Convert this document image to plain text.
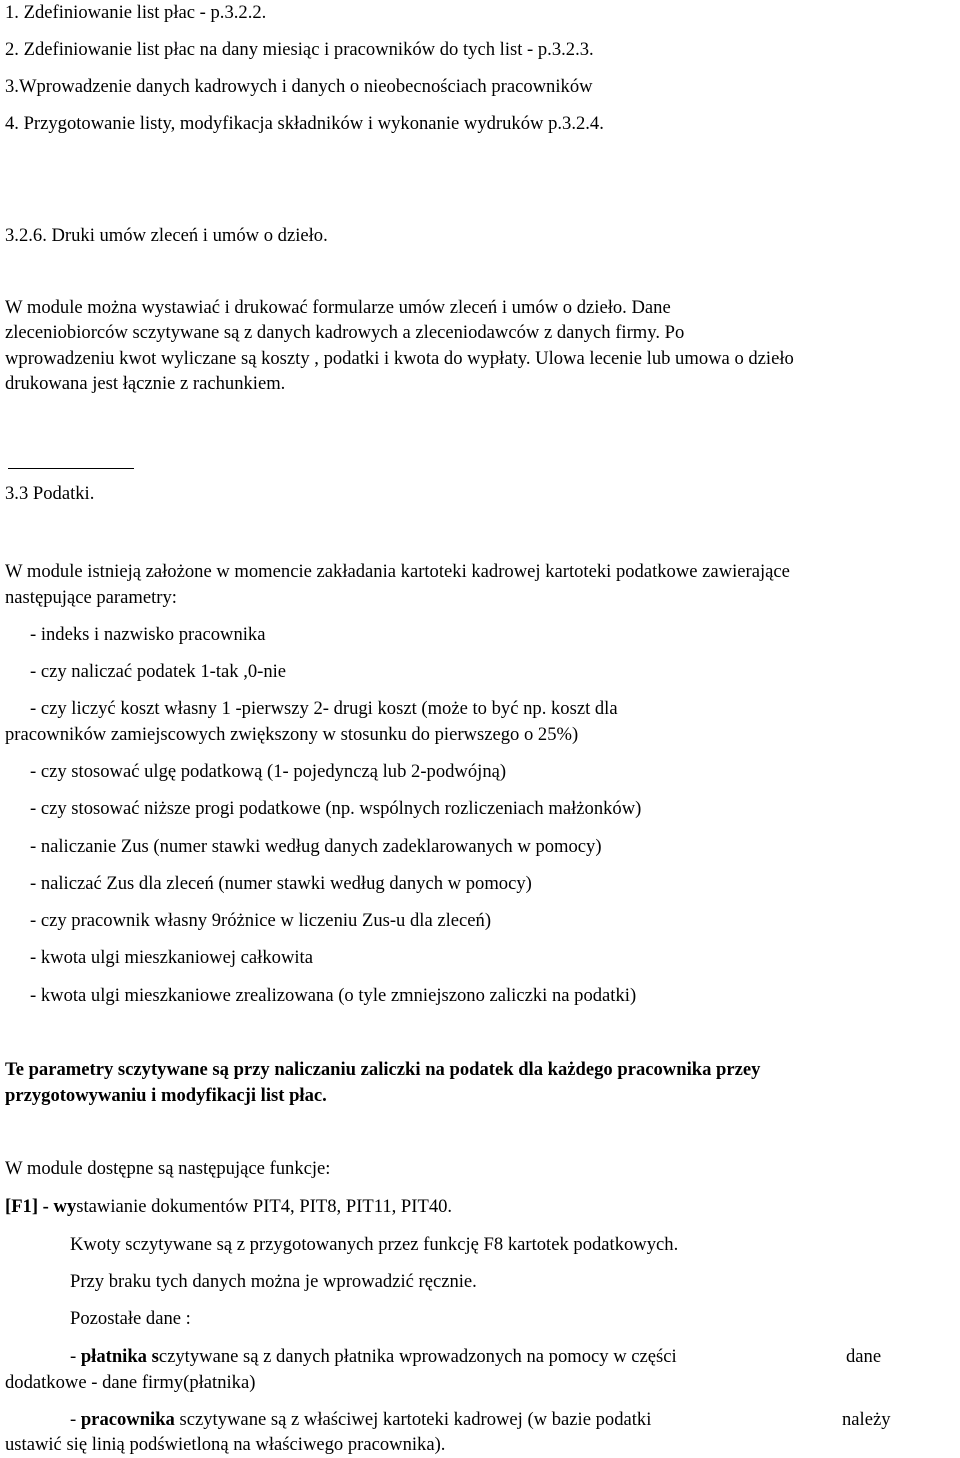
1. Zdefiniowanie list płac - p.3.2.2.

2. Zdefiniowanie list płac na dany miesiąc i pracowników do tych list - p.3.2.3.

3.Wprowadzenie danych kadrowych i danych o nieobecnościach pracowników

4. Przygotowanie listy, modyfikacja składników i wykonanie wydruków p.3.2.4.

3.2.6. Druki umów zleceń i umów o dzieło.

W module można wystawiać i drukować formularze umów zleceń i umów o dzieło. Dane

zleceniobiorców sczytywane są z danych kadrowych a zleceniodawców z danych firmy. Po

wprowadzeniu kwot wyliczane są koszty , podatki i kwota do wypłaty. Ulowa lecenie lub umowa o dzieło

drukowana jest łącznie z rachunkiem.

3.3 Podatki.

W module istnieją założone w momencie zakładania kartoteki kadrowej kartoteki podatkowe zawierające

następujące parametry:

- indeks i nazwisko pracownika

- czy naliczać podatek 1-tak ,0-nie

- czy liczyć koszt własny 1 -pierwszy 2- drugi koszt (może to być np. koszt dla

pracowników zamiejscowych zwiększony w stosunku do pierwszego o 25%)

- czy stosować ulgę podatkową (1- pojedynczą lub 2-podwójną)

- czy stosować niższe progi podatkowe (np. wspólnych rozliczeniach małżonków)

- naliczanie Zus (numer stawki według danych zadeklarowanych w pomocy)

- naliczać Zus dla zleceń (numer stawki według danych w pomocy)

- czy pracownik własny 9różnice w liczeniu Zus-u dla zleceń)

- kwota ulgi mieszkaniowej całkowita

- kwota ulgi mieszkaniowe zrealizowana (o tyle zmniejszono zaliczki na podatki)

Te parametry sczytywane są przy naliczaniu zaliczki na podatek dla każdego pracownika przey

przygotowywaniu i modyfikacji list płac.

W module dostępne są następujące funkcje:

[F1] - wystawianie dokumentów PIT4, PIT8, PIT11, PIT40.

Kwoty sczytywane są z przygotowanych przez funkcję F8 kartotek podatkowych.

Przy braku tych danych można je wprowadzić ręcznie.

Pozostałe dane :

- płatnika sczytywane są z danych płatnika wprowadzonych na pomocy w części	dane

dodatkowe - dane firmy(płatnika)

- pracownika sczytywane są z właściwej kartoteki kadrowej (w bazie podatki	należy

ustawić się linią podświetloną na właściwego pracownika).
